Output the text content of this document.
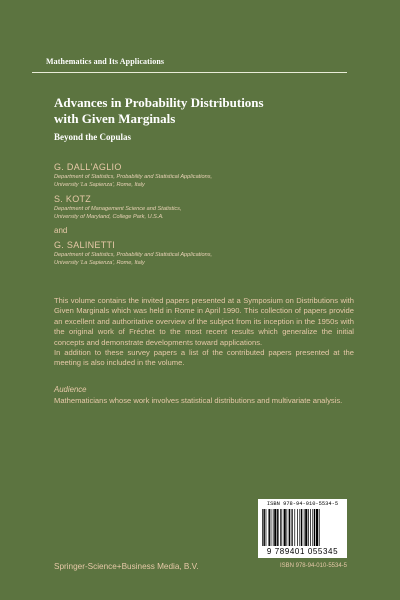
Mathematics and Its Applications
Advances in Probability Distributions
with Given Marginals
Beyond the Copulas
G. DALL'AGLIO
Department of Statistics, Probability and Statistical Applications,
University 'La Sapienza', Rome, Italy
S. KOTZ
Department of Management Science and Statistics,
University of Maryland, College Park, U.S.A.
and
G. SALINETTI
Department of Statistics, Probability and Statistical Applications,
University 'La Sapienza', Rome, Italy

This volume contains the invited papers presented at a Symposium on Distributions with Given Marginals which was held in Rome in April 1990. This collection of papers provide an excellent and authoritative overview of the subject from its inception in the 1950s with the original work of Fréchet to the most recent results which generalize the initial concepts and demonstrate developments toward applications.

In addition to these survey papers a list of the contributed papers presented at the meeting is also included in the volume.

Audience
Mathematicians whose work involves statistical distributions and multivariate analysis.
ISBN 978-94-010-5534-5
9 789401 055345
Springer-Science+Business Media, B.V.	ISBN 978-94-010-5534-5
